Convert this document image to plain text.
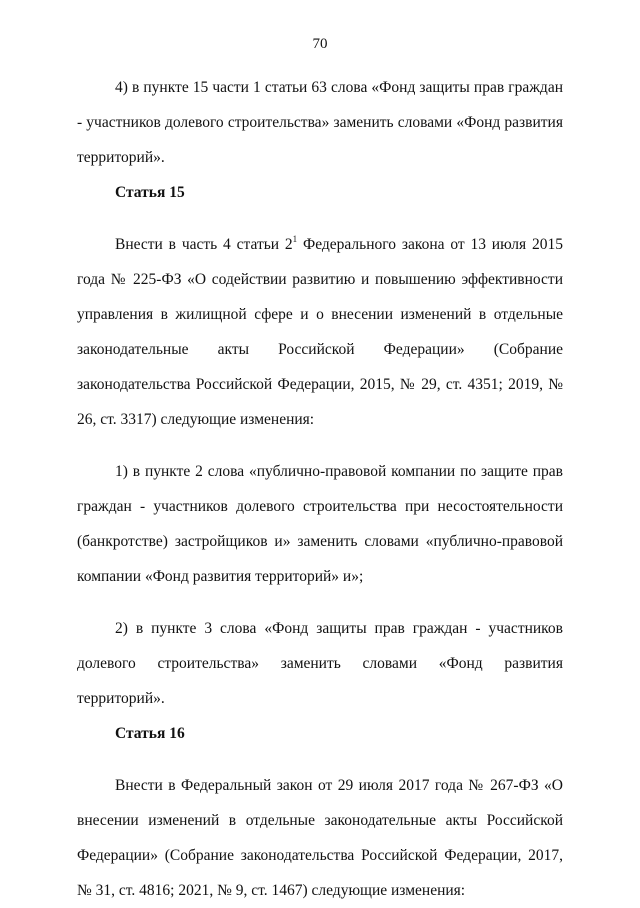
70

4) в пункте 15 части 1 статьи 63 слова «Фонд защиты прав граждан - участников долевого строительства» заменить словами «Фонд развития территорий».

Статья 15

Внести в часть 4 статьи $2^1$ Федерального закона от 13 июля 2015 года № 225-ФЗ «О содействии развитию и повышению эффективности управления в жилищной сфере и о внесении изменений в отдельные законодательные акты Российской Федерации» (Собрание законодательства Российской Федерации, 2015, № 29, ст. 4351; 2019, № 26, ст. 3317) следующие изменения:

1) в пункте 2 слова «публично-правовой компании по защите прав граждан - участников долевого строительства при несостоятельности (банкротстве) застройщиков и» заменить словами «публично-правовой компании «Фонд развития территорий» и»;

2) в пункте 3 слова «Фонд защиты прав граждан - участников долевого строительства» заменить словами «Фонд развития территорий».

Статья 16

Внести в Федеральный закон от 29 июля 2017 года № 267-ФЗ «О внесении изменений в отдельные законодательные акты Российской Федерации» (Собрание законодательства Российской Федерации, 2017, № 31, ст. 4816; 2021, № 9, ст. 1467) следующие изменения:
